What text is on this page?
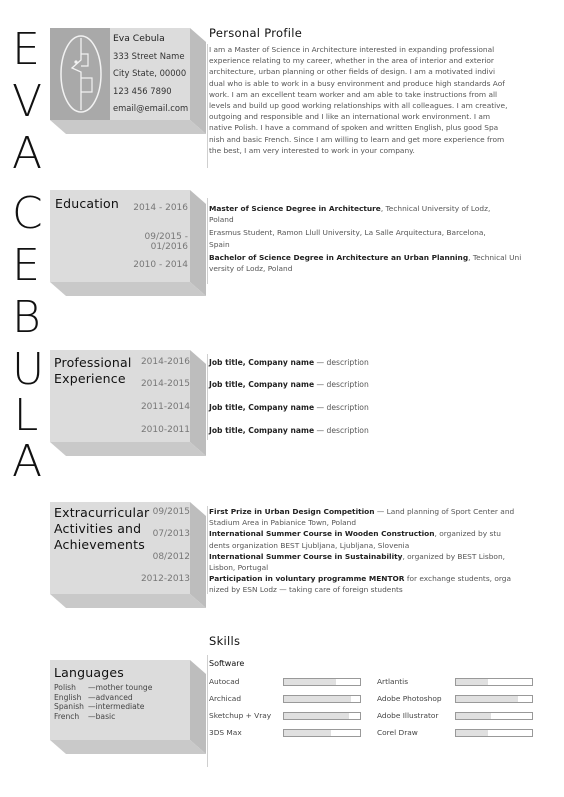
E
V
A
C
E
B
U
L
A
Eva Cebula
333 Street Name
City State, 00000
123 456 7890
email@email.com
Personal Profile
I am a Master of Science in Architecture interested in expanding professional
experience relating to my career, whether in the area of interior and exterior
architecture, urban planning or other fields of design. I am a motivated indivi
dual who is able to work in a busy environment and produce high standards Aof
work. I am an excellent team worker and am able to take instructions from all
levels and build up good working relationships with all colleagues. I am creative,
outgoing and responsible and I like an international work environment. I am
native Polish. I have a command of spoken and written English, plus good Spa
nish and basic French. Since I am willing to learn and get more experience from
the best, I am very interested to work in your company.
Education	2014 - 2016
09/2015 - 01/2016
2010 - 2014
Master of Science Degree in Architecture, Technical University of Lodz,
Poland
Erasmus Student, Ramon Llull University, La Salle Arquitectura, Barcelona,
Spain
Bachelor of Science Degree in Architecture an Urban Planning, Technical Uni
versity of Lodz, Poland
Professional
Experience
2014-2016
2014-2015
2011-2014
2010-2011
Job title, Company name — description
Job title, Company name — description
Job title, Company name — description
Job title, Company name — description
Extracurricular
Activities and
Achievements
09/2015
07/2013
08/2012
2012-2013
First Prize in Urban Design Competition — Land planning of Sport Center and
Stadium Area in Pabianice Town, Poland
International Summer Course in Wooden Construction, organized by stu
dents organization BEST Ljubljana, Ljubljana, Slovenia
International Summer Course in Sustainability, organized by BEST Lisbon,
Lisbon, Portugal
Participation in voluntary programme MENTOR for exchange students, orga
nized by ESN Lodz — taking care of foreign students
Languages
Polish —mother tounge
English —advanced
Spanish —intermediate
French —basic
Skills
Software
Autocad
Archicad
Sketchup + Vray
3DS Max
Artlantis
Adobe Photoshop
Adobe Illustrator
Corel Draw
